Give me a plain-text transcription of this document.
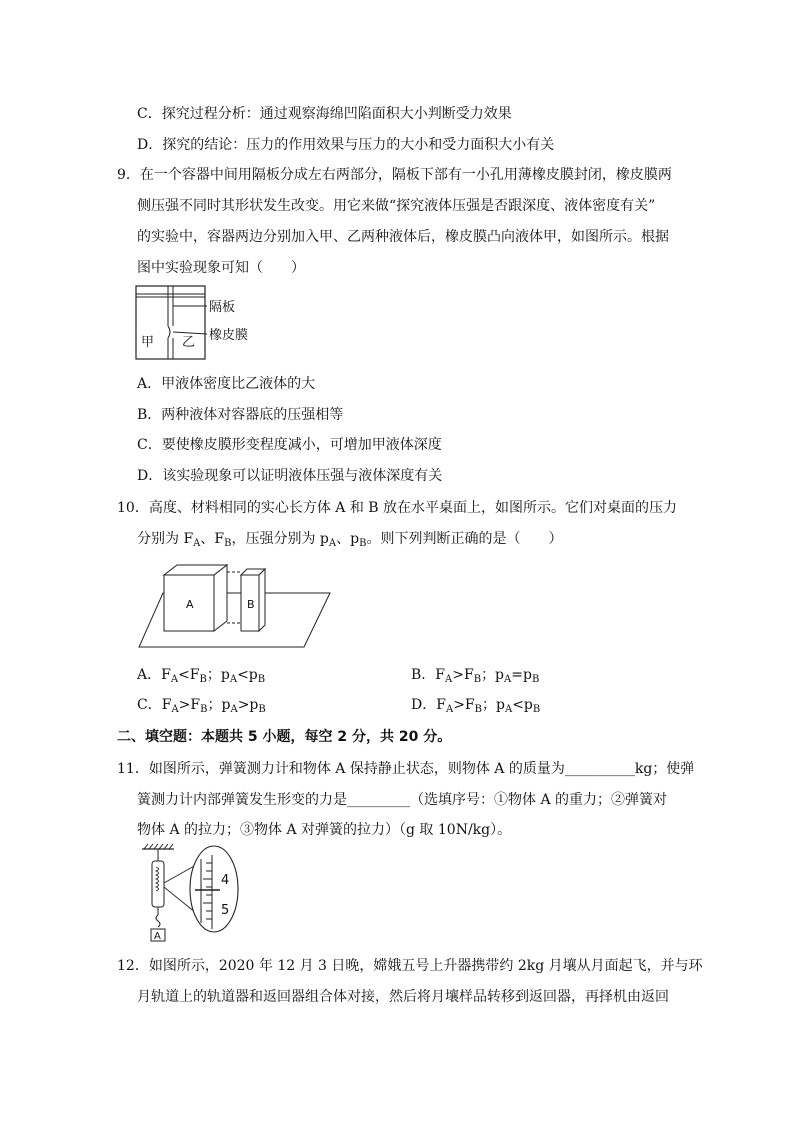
C．探究过程分析：通过观察海绵凹陷面积大小判断受力效果
D．探究的结论：压力的作用效果与压力的大小和受力面积大小有关
9．在一个容器中间用隔板分成左右两部分，隔板下部有一小孔用薄橡皮膜封闭，橡皮膜两
侧压强不同时其形状发生改变。用它来做“探究液体压强是否跟深度、液体密度有关”
的实验中，容器两边分别加入甲、乙两种液体后，橡皮膜凸向液体甲，如图所示。根据
图中实验现象可知（　　）
隔板
橡皮膜
甲 乙
A．甲液体密度比乙液体的大
B．两种液体对容器底的压强相等
C．要使橡皮膜形变程度减小，可增加甲液体深度
D．该实验现象可以证明液体压强与液体深度有关
10．高度、材料相同的实心长方体 A 和 B 放在水平桌面上，如图所示。它们对桌面的压力
分别为 $F_A$、$F_B$，压强分别为 $p_A$、$p_B$。则下列判断正确的是（　　）
A	B
A．$F_A<F_B$；$p_A<p_B$	B．$F_A>F_B$；$p_A=p_B$
C．$F_A>F_B$；$p_A>p_B$	D．$F_A>F_B$；$p_A<p_B$
二、填空题：本题共 5 小题，每空 2 分，共 20 分。
11．如图所示，弹簧测力计和物体 A 保持静止状态，则物体 A 的质量为__________kg；使弹
簧测力计内部弹簧发生形变的力是_________（选填序号：①物体 A 的重力；②弹簧对
物体 A 的拉力；③物体 A 对弹簧的拉力）（g 取 10N/kg）。
A
4
5
12．如图所示，2020 年 12 月 3 日晚，嫦娥五号上升器携带约 2kg 月壤从月面起飞，并与环
月轨道上的轨道器和返回器组合体对接，然后将月壤样品转移到返回器，再择机由返回
